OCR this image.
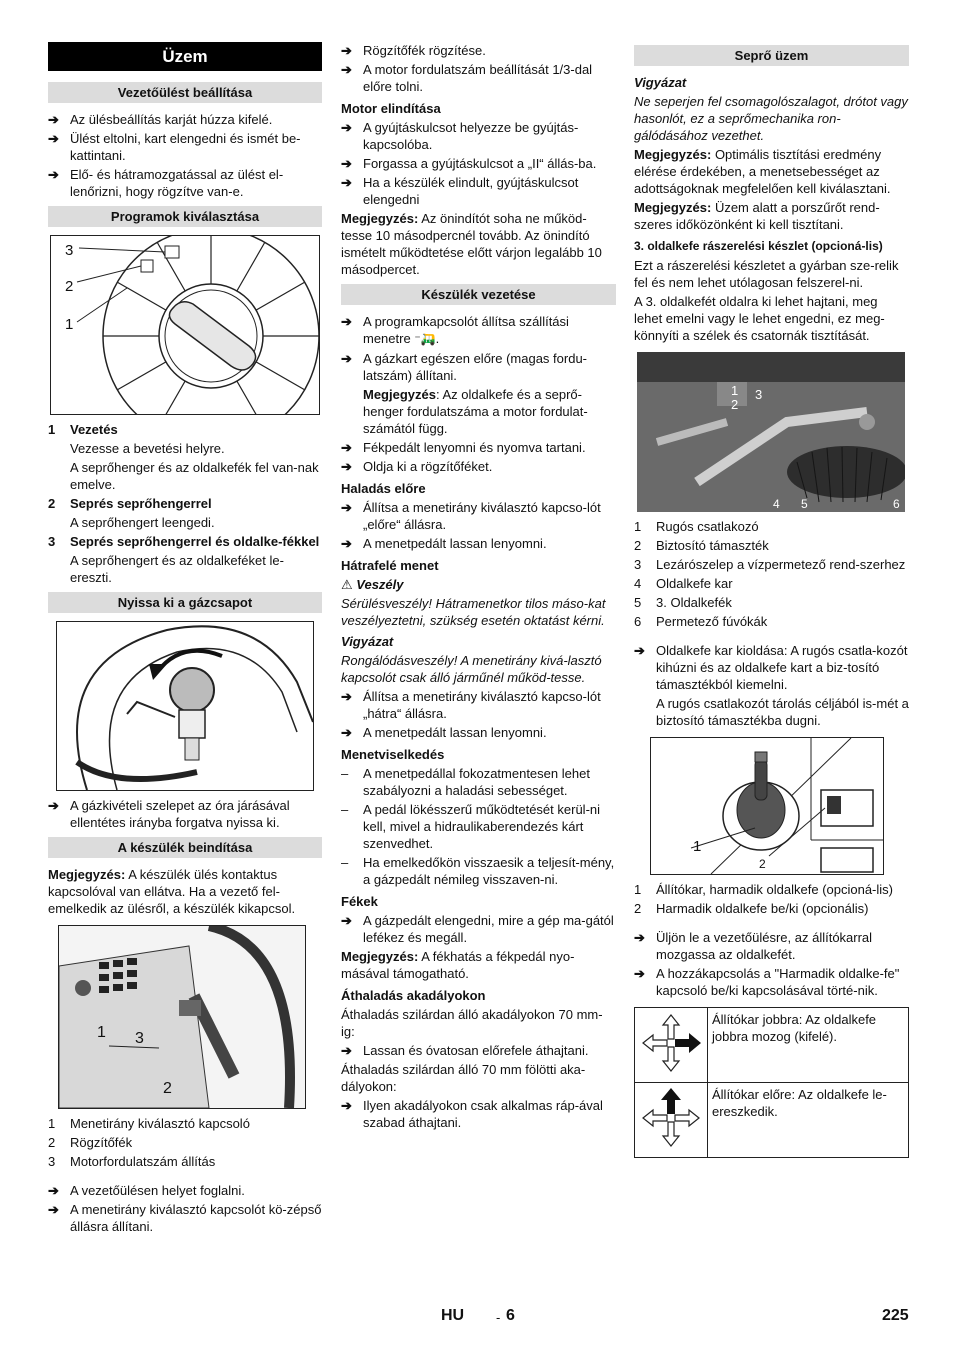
Üzem
Vezetőülést beállítása
➔ Az ülésbeállítás karját húzza kifelé.
➔ Ülést eltolni, kart elengedni és ismét be-kattintani.
➔ Elő- és hátramozgatással az ülést el-lenőrizni, hogy rögzítve van-e.
Programok kiválasztása
3
2
1
1	Vezetés
Vezesse a bevetési helyre.
A seprőhenger és az oldalkefék fel van-nak emelve.
2	Seprés seprőhengerrel
A seprőhengert leengedi.
3	Seprés seprőhengerrel és oldalke-fékkel
A seprőhengert és az oldalkeféket le-ereszti.
Nyissa ki a gázcsapot
➔ A gázkivételi szelepet az óra járásával ellentétes irányba forgatva nyissa ki.
A készülék beindítása
Megjegyzés: A készülék ülés kontaktus kapcsolóval van ellátva. Ha a vezető fel-emelkedik az ülésről, a készülék kikapcsol.
1 3
2
1	Menetirány kiválasztó kapcsoló
2	Rögzítőfék
3	Motorfordulatszám állítás
➔ A vezetőülésen helyet foglalni.
➔ A menetirány kiválasztó kapcsolót kö-zépső állásra állítani.
➔ Rögzítőfék rögzítése.
➔ A motor fordulatszám beállítását 1/3-dal előre tolni.
Motor elindítása
➔ A gyújtáskulcsot helyezze be gyújtás-kapcsolóba.
➔ Forgassa a gyújtáskulcsot a „II“ állás-ba.
➔ Ha a készülék elindult, gyújtáskulcsot elengedni
Megjegyzés: Az önindítót soha ne működ-tesse 10 másodpercnél tovább. Az önindító ismételt működtetése előtt várjon legalább 10 másodpercet.
Készülék vezetése
➔ A programkapcsolót állítsa szállítási menetre ⁻🛺.
➔ A gázkart egészen előre (magas fordu-latszám) állítani.
Megjegyzés: Az oldalkefe és a seprő-henger fordulatszáma a motor fordulat-számától függ.
➔ Fékpedált lenyomni és nyomva tartani.
➔ Oldja ki a rögzítőféket.
Haladás előre
➔ Állítsa a menetirány kiválasztó kapcso-lót „előre“ állásra.
➔ A menetpedált lassan lenyomni.
Hátrafelé menet
⚠ Veszély
Sérülésveszély! Hátramenetkor tilos máso-kat veszélyeztetni, szükség esetén oktatást kérni.
Vigyázat
Rongálódásveszély! A menetirány kivá-lasztó kapcsolót csak álló járműnél működ-tesse.
➔ Állítsa a menetirány kiválasztó kapcso-lót „hátra“ állásra.
➔ A menetpedált lassan lenyomni.
Menetviselkedés
–	A menetpedállal fokozatmentesen lehet szabályozni a haladási sebességet.
–	A pedál lökésszerű működtetését kerül-ni kell, mivel a hidraulikaberendezés kárt szenvedhet.
–	Ha emelkedőkön visszaesik a teljesít-mény, a gázpedált némileg visszaven-ni.
Fékek
➔ A gázpedált elengedni, mire a gép ma-gától lefékez és megáll.
Megjegyzés: A fékhatás a fékpedál nyo-másával támogatható.
Áthaladás akadályokon
Áthaladás szilárdan álló akadályokon 70 mm-ig:
➔ Lassan és óvatosan előrefele áthajtani.
Áthaladás szilárdan álló 70 mm fölötti aka-dályokon:
➔ Ilyen akadályokon csak alkalmas ráp-ával szabad áthajtani.
Seprő üzem
Vigyázat
Ne seperjen fel csomagolószalagot, drótot vagy hasonlót, ez a seprőmechanika ron-gálódásához vezethet.
Megjegyzés: Optimális tisztítási eredmény elérése érdekében, a menetsebességet az adottságoknak megfelelően kell kiválasztani.
Megjegyzés: Üzem alatt a porszűrőt rend-szeres időközönként ki kell tisztítani.
3. oldalkefe rászerelési készlet (opcioná-lis)
Ezt a rászerelési készletet a gyárban sze-relik fel és nem lehet utólagosan felszerel-ni.
A 3. oldalkefét oldalra ki lehet hajtani, meg lehet emelni vagy le lehet engedni, ez meg-könnyíti a szélek és csatornák tisztítását.
1
2
3
4 5	6
1	Rugós csatlakozó
2	Biztosító támaszték
3	Lezárószelep a vízpermetező rend-szerhez
4	Oldalkefe kar
5	3. Oldalkefék
6	Permetező fúvókák
➔ Oldalkefe kar kioldása: A rugós csatla-kozót kihúzni és az oldalkefe kart a biz-tosító támasztékból kiemelni.
A rugós csatlakozót tárolás céljából is-mét a biztosító támasztékba dugni.
1
2
1	Állítókar, harmadik oldalkefe (opcioná-lis)
2	Harmadik oldalkefe be/ki (opcionális)
➔ Üljön le a vezetőülésre, az állítókarral mozgassa az oldalkefét.
➔ A hozzákapcsolás a "Harmadik oldalke-fe" kapcsoló be/ki kapcsolásával törté-nik.
	Állítókar jobbra: Az oldalkefe jobbra mozog (kifelé).
	Állítókar előre: Az oldalkefe le-ereszkedik.
HU - 6	225
